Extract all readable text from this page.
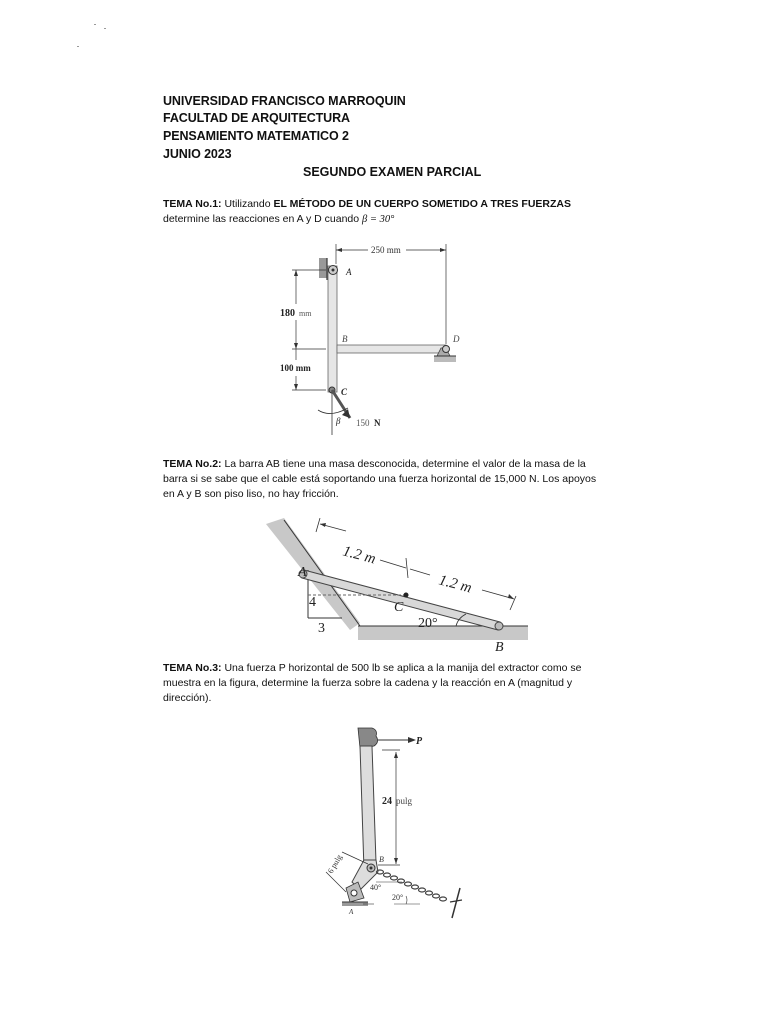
UNIVERSIDAD FRANCISCO MARROQUIN
FACULTAD DE ARQUITECTURA
PENSAMIENTO MATEMATICO 2
JUNIO 2023
SEGUNDO EXAMEN PARCIAL
TEMA No.1: Utilizando EL MÉTODO DE UN CUERPO SOMETIDO A TRES FUERZAS determine las reacciones en A y D cuando β = 30°
250 mm
180 mm
100 mm
A
B
C
D
β 150 N
TEMA No.2: La barra AB tiene una masa desconocida, determine el valor de la masa de la barra si se sabe que el cable está soportando una fuerza horizontal de 15,000 N. Los apoyos en A y B son piso liso, no hay fricción.
1.2 m
1.2 m
A
B
C
4
3	20°
TEMA No.3: Una fuerza P horizontal de 500 lb se aplica a la manija del extractor como se muestra en la figura, determine la fuerza sobre la cadena y la reacción en A (magnitud y dirección).
P
24 pulg
6 pulg	B
40°
20°
A
